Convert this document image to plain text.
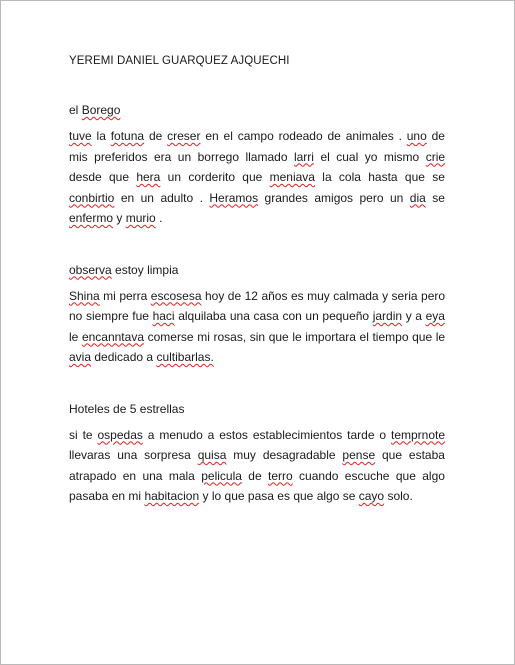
YEREMI DANIEL GUARQUEZ AJQUECHI
el Borego

tuve la fotuna de creser en el campo rodeado de animales . uno de mis preferidos era un borrego llamado larri el cual yo mismo crie desde que hera un corderito que meniava la cola hasta que se conbirtio en un adulto . Heramos grandes amigos pero un dia se enfermo y murio .

observa estoy limpia

Shina mi perra escosesa hoy de 12 años es muy calmada y seria pero no siempre fue haci alquilaba una casa con un pequeño jardin y a eya le encanntava comerse mi rosas, sin que le importara el tiempo que le avia dedicado a cultibarlas.

Hoteles de 5 estrellas

si te ospedas a menudo a estos establecimientos tarde o temprnote llevaras una sorpresa quisa muy desagradable pense que estaba atrapado en una mala pelicula de terro cuando escuche que algo pasaba en mi habitacion y lo que pasa es que algo se cayo solo.
